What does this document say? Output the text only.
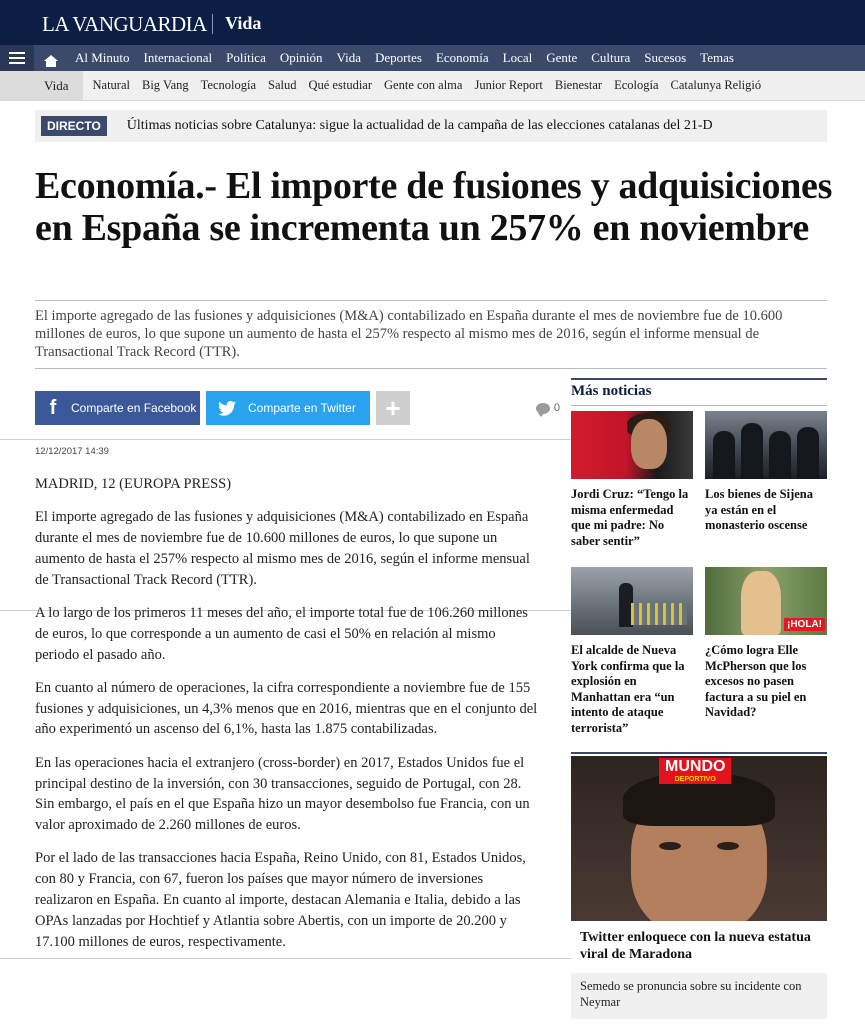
LA VANGUARDIA Vida
Al Minuto Internacional Política Opinión Vida Deportes Economía Local Gente Cultura Sucesos Temas
Vida	Natural Big Vang Tecnología Salud Qué estudiar Gente con alma Junior Report Bienestar Ecología Catalunya Religió
DIRECTO	Últimas noticias sobre Catalunya: sigue la actualidad de la campaña de las elecciones catalanas del 21-D
Economía.- El importe de fusiones y adquisiciones en España se incrementa un 257% en noviembre

El importe agregado de las fusiones y adquisiciones (M&A) contabilizado en España durante el mes de noviembre fue de 10.600 millones de euros, lo que supone un aumento de hasta el 257% respecto al mismo mes de 2016, según el informe mensual de Transactional Track Record (TTR).

f	Comparte en Facebook	Comparte en Twitter	+	0
12/12/2017 14:39

MADRID, 12 (EUROPA PRESS)

El importe agregado de las fusiones y adquisiciones (M&A) contabilizado en España durante el mes de noviembre fue de 10.600 millones de euros, lo que supone un aumento de hasta el 257% respecto al mismo mes de 2016, según el informe mensual de Transactional Track Record (TTR).

A lo largo de los primeros 11 meses del año, el importe total fue de 106.260 millones de euros, lo que corresponde a un aumento de casi el 50% en relación al mismo periodo el pasado año.

En cuanto al número de operaciones, la cifra correspondiente a noviembre fue de 155 fusiones y adquisiciones, un 4,3% menos que en 2016, mientras que en el conjunto del año experimentó un ascenso del 6,1%, hasta las 1.875 contabilizadas.

En las operaciones hacia el extranjero (cross-border) en 2017, Estados Unidos fue el principal destino de la inversión, con 30 transacciones, seguido de Portugal, con 28. Sin embargo, el país en el que España hizo un mayor desembolso fue Francia, con un valor aproximado de 2.260 millones de euros.

Por el lado de las transacciones hacia España, Reino Unido, con 81, Estados Unidos, con 80 y Francia, con 67, fueron los países que mayor número de inversiones realizaron en España. En cuanto al importe, destacan Alemania e Italia, debido a las OPAs lanzadas por Hochtief y Atlantia sobre Abertis, con un importe de 20.200 y 17.100 millones de euros, respectivamente.

Más noticias
Jordi Cruz: “Tengo la misma enfermedad que mi padre: No saber sentir”
Los bienes de Sijena ya están en el monasterio oscense
El alcalde de Nueva York confirma que la explosión en Manhattan era “un intento de ataque terrorista”
¡HOLA!
¿Cómo logra Elle McPherson que los excesos no pasen factura a su piel en Navidad?
MUNDO
DEPORTIVO
Twitter enloquece con la nueva estatua viral de Maradona
Semedo se pronuncia sobre su incidente con Neymar
